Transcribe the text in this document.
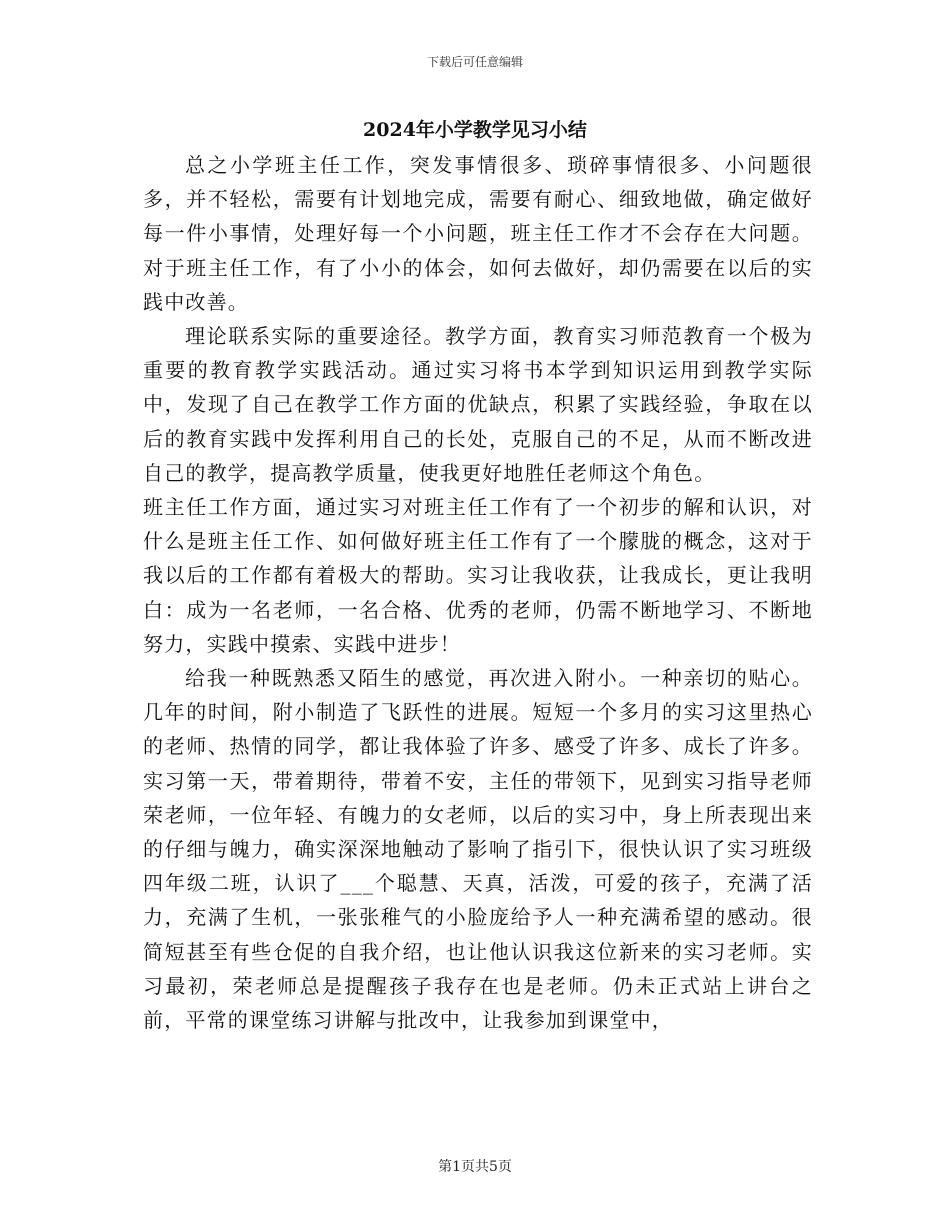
下载后可任意编辑
2024年小学教学见习小结

总之小学班主任工作，突发事情很多、琐碎事情很多、小问题很多，并不轻松，需要有计划地完成，需要有耐心、细致地做，确定做好每一件小事情，处理好每一个小问题，班主任工作才不会存在大问题。对于班主任工作，有了小小的体会，如何去做好，却仍需要在以后的实践中改善。

理论联系实际的重要途径。教学方面，教育实习师范教育一个极为重要的教育教学实践活动。通过实习将书本学到知识运用到教学实际中，发现了自己在教学工作方面的优缺点，积累了实践经验，争取在以后的教育实践中发挥利用自己的长处，克服自己的不足，从而不断改进自己的教学，提高教学质量，使我更好地胜任老师这个角色。

班主任工作方面，通过实习对班主任工作有了一个初步的解和认识，对什么是班主任工作、如何做好班主任工作有了一个朦胧的概念，这对于我以后的工作都有着极大的帮助。实习让我收获，让我成长，更让我明白：成为一名老师，一名合格、优秀的老师，仍需不断地学习、不断地努力，实践中摸索、实践中进步！

给我一种既熟悉又陌生的感觉，再次进入附小。一种亲切的贴心。几年的时间，附小制造了飞跃性的进展。短短一个多月的实习这里热心的老师、热情的同学，都让我体验了许多、感受了许多、成长了许多。实习第一天，带着期待，带着不安，主任的带领下，见到实习指导老师荣老师，一位年轻、有魄力的女老师，以后的实习中，身上所表现出来的仔细与魄力，确实深深地触动了影响了指引下，很快认识了实习班级四年级二班，认识了___个聪慧、天真，活泼，可爱的孩子，充满了活力，充满了生机，一张张稚气的小脸庞给予人一种充满希望的感动。很简短甚至有些仓促的自我介绍，也让他认识我这位新来的实习老师。实习最初，荣老师总是提醒孩子我存在也是老师。仍未正式站上讲台之前，平常的课堂练习讲解与批改中，让我参加到课堂中，

第1页共5页
